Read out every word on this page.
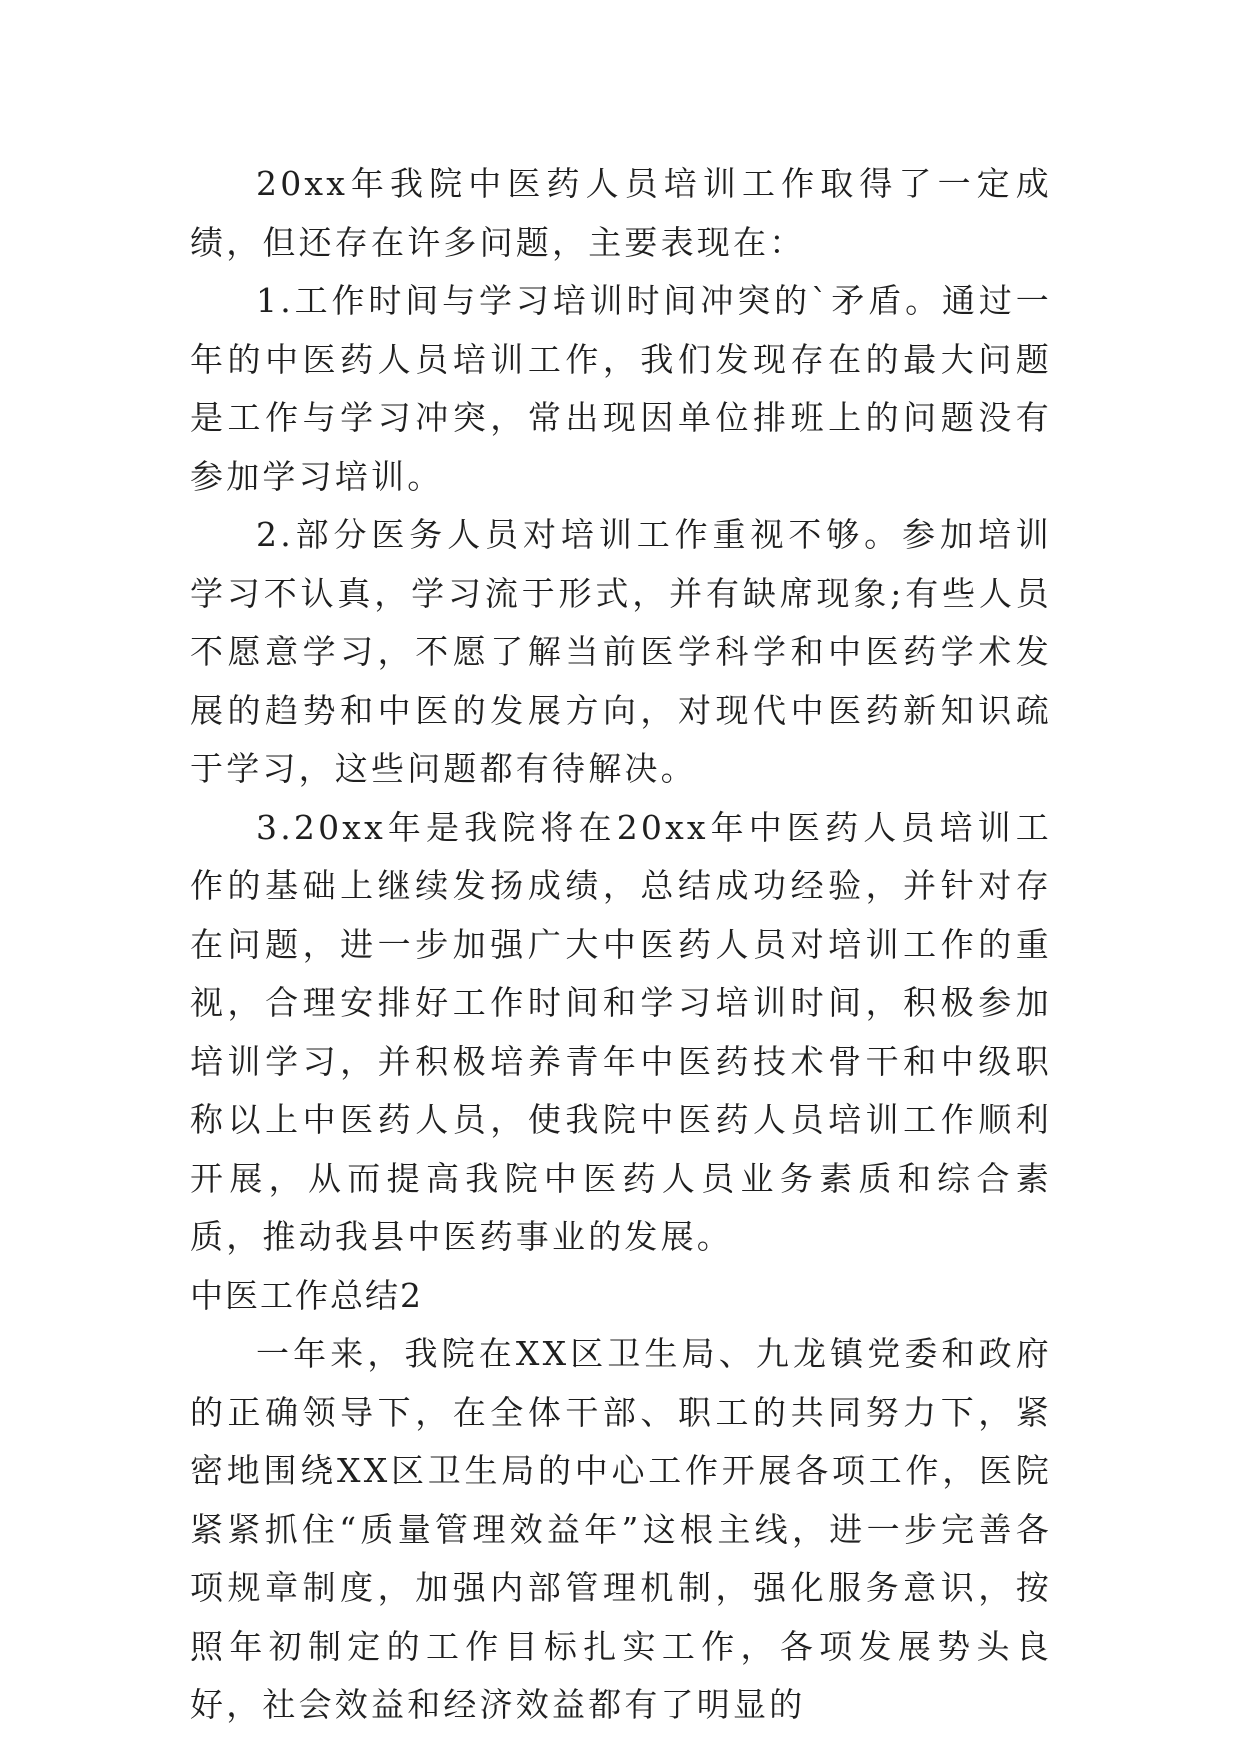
20xx年我院中医药人员培训工作取得了一定成绩，但还存在许多问题，主要表现在：

1.工作时间与学习培训时间冲突的`矛盾。通过一年的中医药人员培训工作，我们发现存在的最大问题是工作与学习冲突，常出现因单位排班上的问题没有参加学习培训。

2.部分医务人员对培训工作重视不够。参加培训学习不认真，学习流于形式，并有缺席现象;有些人员不愿意学习，不愿了解当前医学科学和中医药学术发展的趋势和中医的发展方向，对现代中医药新知识疏于学习，这些问题都有待解决。

3.20xx年是我院将在20xx年中医药人员培训工作的基础上继续发扬成绩，总结成功经验，并针对存在问题，进一步加强广大中医药人员对培训工作的重视，合理安排好工作时间和学习培训时间，积极参加培训学习，并积极培养青年中医药技术骨干和中级职称以上中医药人员，使我院中医药人员培训工作顺利开展，从而提高我院中医药人员业务素质和综合素质，推动我县中医药事业的发展。

中医工作总结2

一年来，我院在XX区卫生局、九龙镇党委和政府的正确领导下，在全体干部、职工的共同努力下，紧密地围绕XX区卫生局的中心工作开展各项工作，医院紧紧抓住“质量管理效益年”这根主线，进一步完善各项规章制度，加强内部管理机制，强化服务意识，按照年初制定的工作目标扎实工作，各项发展势头良好，社会效益和经济效益都有了明显的
